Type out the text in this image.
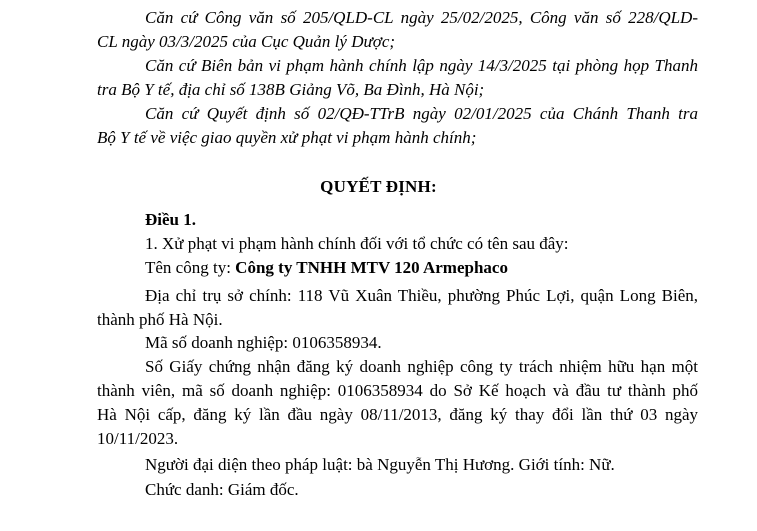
Căn cứ Công văn số 205/QLD-CL ngày 25/02/2025, Công văn số 228/QLD-
CL ngày 03/3/2025 của Cục Quản lý Dược;

Căn cứ Biên bản vi phạm hành chính lập ngày 14/3/2025 tại phòng họp Thanh
tra Bộ Y tế, địa chỉ số 138B Giảng Võ, Ba Đình, Hà Nội;

Căn cứ Quyết định số 02/QĐ-TTrB ngày 02/01/2025 của Chánh Thanh tra
Bộ Y tế về việc giao quyền xử phạt vi phạm hành chính;

QUYẾT ĐỊNH:

Điều 1.

1. Xử phạt vi phạm hành chính đối với tổ chức có tên sau đây:

Tên công ty: Công ty TNHH MTV 120 Armephaco

Địa chỉ trụ sở chính: 118 Vũ Xuân Thiều, phường Phúc Lợi, quận Long Biên,
thành phố Hà Nội.

Mã số doanh nghiệp: 0106358934.

Số Giấy chứng nhận đăng ký doanh nghiệp công ty trách nhiệm hữu hạn một
thành viên, mã số doanh nghiệp: 0106358934 do Sở Kế hoạch và đầu tư thành phố
Hà Nội cấp, đăng ký lần đầu ngày 08/11/2013, đăng ký thay đổi lần thứ 03 ngày
10/11/2023.

Người đại diện theo pháp luật: bà Nguyễn Thị Hương. Giới tính: Nữ.

Chức danh: Giám đốc.
